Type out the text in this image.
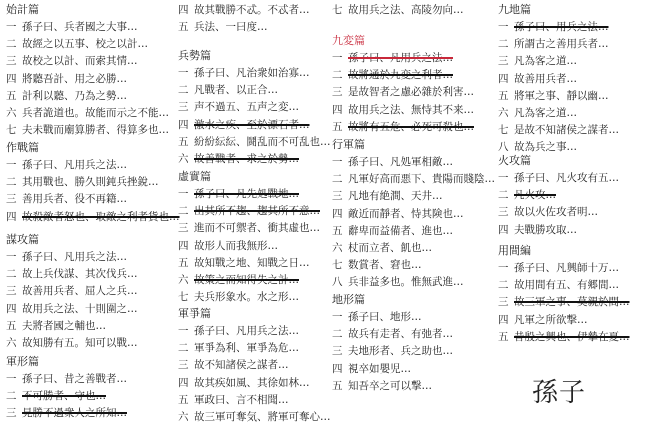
始計篇
一 孫子曰、兵者國之大事…
二 故經之以五事、校之以計…
三 故校之以計、而索其情…
四 將聽吾計、用之必勝…
五 計利以聽、乃為之勢…
六 兵者詭道也。故能而示之不能…
七 夫未戰而廟算勝者、得算多也…
作戰篇
一 孫子曰、凡用兵之法…
二 其用戰也、勝久則鈍兵挫銳…
三 善用兵者、役不再籍…
四 故殺敵者怒也、取敵之利者貨也…
謀攻篇
一 孫子曰、凡用兵之法…
二 故上兵伐謀、其次伐兵…
三 故善用兵者、屈人之兵…
四 故用兵之法、十則圍之…
五 夫將者國之輔也…
六 故知勝有五。知可以戰…
軍形篇
一 孫子曰、昔之善戰者…
二 不可勝者、守也…
三 見勝不過衆人之所知…
四 故其戰勝不忒。不忒者…
五 兵法、一曰度…
兵勢篇
一 孫子曰、凡治衆如治寡…
二 凡戰者、以正合…
三 声不過五、五声之変…
四 激水之疾、至於漂石者…
五 紛紛紜紜、鬪乱而不可乱也…
六 故善戰者、求之於勢…
虛實篇
一 孫子曰、凡先処戰地…
二 出其所不趨、趨其所不意…
三 進而不可禦者、衝其虛也…
四 故形人而我無形…
五 故知戰之地、知戰之日…
六 故策之而知得失之計…
七 夫兵形象水。水之形…
軍爭篇
一 孫子曰、凡用兵之法…
二 軍爭為利、軍爭為危…
三 故不知諸侯之謀者…
四 故其疾如風、其徐如林…
五 軍政曰、言不相聞…
六 故三軍可奪気、將軍可奪心…
七 故用兵之法、高陵勿向…
九変篇
一 孫子曰、凡用兵之法…
二 故將通於九変之利者…
三 是故智者之慮必雜於利害…
四 故用兵之法、無恃其不来…
五 故將有五危、必死可殺也…
行軍篇
一 孫子曰、凡処軍相敵…
二 凡軍好高而悪下、貴陽而賤陰…
三 凡地有絶澗、天井…
四 敵近而靜者、恃其険也…
五 辭卑而益備者、進也…
六 杖而立者、飢也…
七 数賞者、窘也…
八 兵非益多也。惟無武進…
地形篇
一 孫子曰、地形…
二 故兵有走者、有弛者…
三 夫地形者、兵之助也…
四 視卒如嬰児…
五 知吾卒之可以撃…
九地篇
一 孫子曰、用兵之法…
二 所謂古之善用兵者…
三 凡為客之道…
四 故善用兵者…
五 將軍之事、靜以幽…
六 凡為客之道…
七 是故不知諸侯之謀者…
八 故為兵之事…
火攻篇
一 孫子曰、凡火攻有五…
二 凡火攻…
三 故以火佐攻者明…
四 夫戰勝攻取…
用間編
一 孫子曰、凡興師十万…
二 故用間有五、有郷間…
三 故三軍之事、莫親於間…
四 凡軍之所欲撃…
五 昔殷之興也、伊摯在夏…
孫子
